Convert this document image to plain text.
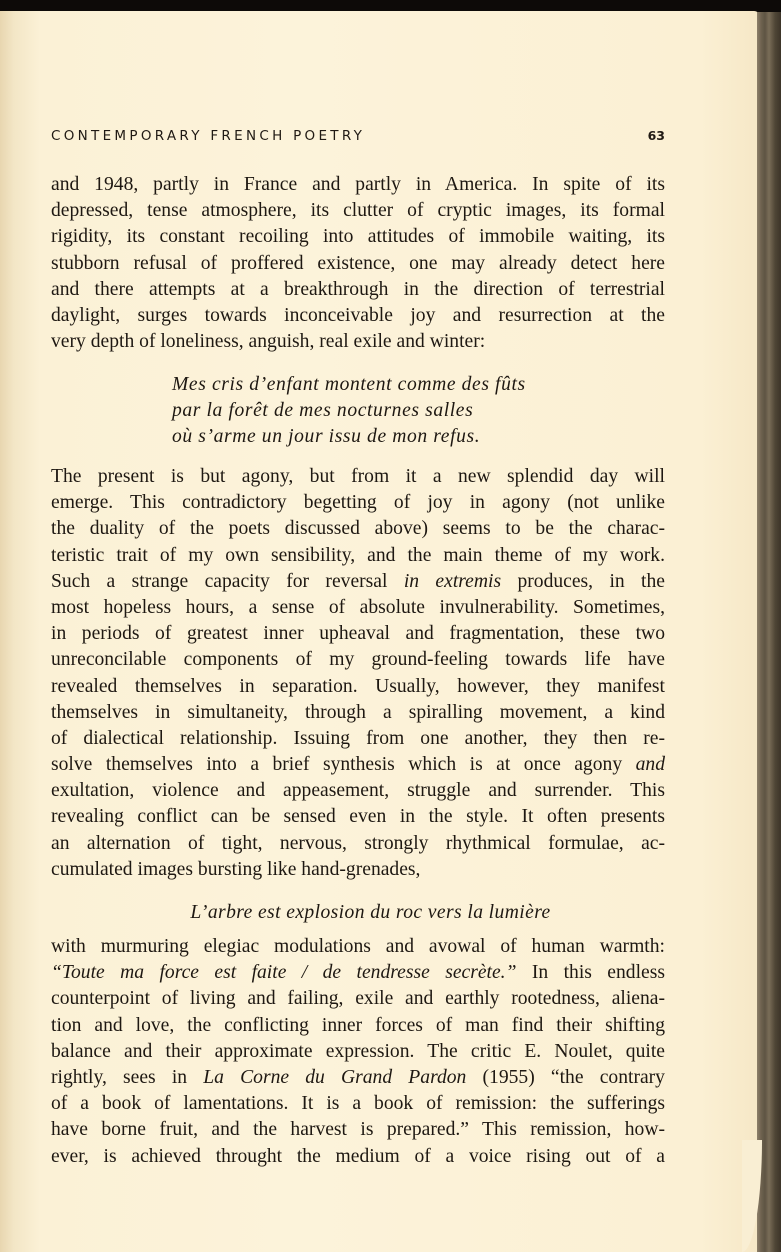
CONTEMPORARY FRENCH POETRY	63
and 1948, partly in France and partly in America. In spite of its
depressed, tense atmosphere, its clutter of cryptic images, its formal
rigidity, its constant recoiling into attitudes of immobile waiting, its
stubborn refusal of proffered existence, one may already detect here
and there attempts at a breakthrough in the direction of terrestrial
daylight, surges towards inconceivable joy and resurrection at the
very depth of loneliness, anguish, real exile and winter:
Mes cris d’enfant montent comme des fûts
par la forêt de mes nocturnes salles
où s’arme un jour issu de mon refus.
The present is but agony, but from it a new splendid day will
emerge. This contradictory begetting of joy in agony (not unlike
the duality of the poets discussed above) seems to be the charac-
teristic trait of my own sensibility, and the main theme of my work.
Such a strange capacity for reversal in extremis produces, in the
most hopeless hours, a sense of absolute invulnerability. Sometimes,
in periods of greatest inner upheaval and fragmentation, these two
unreconcilable components of my ground-feeling towards life have
revealed themselves in separation. Usually, however, they manifest
themselves in simultaneity, through a spiralling movement, a kind
of dialectical relationship. Issuing from one another, they then re-
solve themselves into a brief synthesis which is at once agony and
exultation, violence and appeasement, struggle and surrender. This
revealing conflict can be sensed even in the style. It often presents
an alternation of tight, nervous, strongly rhythmical formulae, ac-
cumulated images bursting like hand-grenades,
L’arbre est explosion du roc vers la lumière
with murmuring elegiac modulations and avowal of human warmth:
“Toute ma force est faite / de tendresse secrète.” In this endless
counterpoint of living and failing, exile and earthly rootedness, aliena-
tion and love, the conflicting inner forces of man find their shifting
balance and their approximate expression. The critic E. Noulet, quite
rightly, sees in La Corne du Grand Pardon (1955) “the contrary
of a book of lamentations. It is a book of remission: the sufferings
have borne fruit, and the harvest is prepared.” This remission, how-
ever, is achieved throught the medium of a voice rising out of a
